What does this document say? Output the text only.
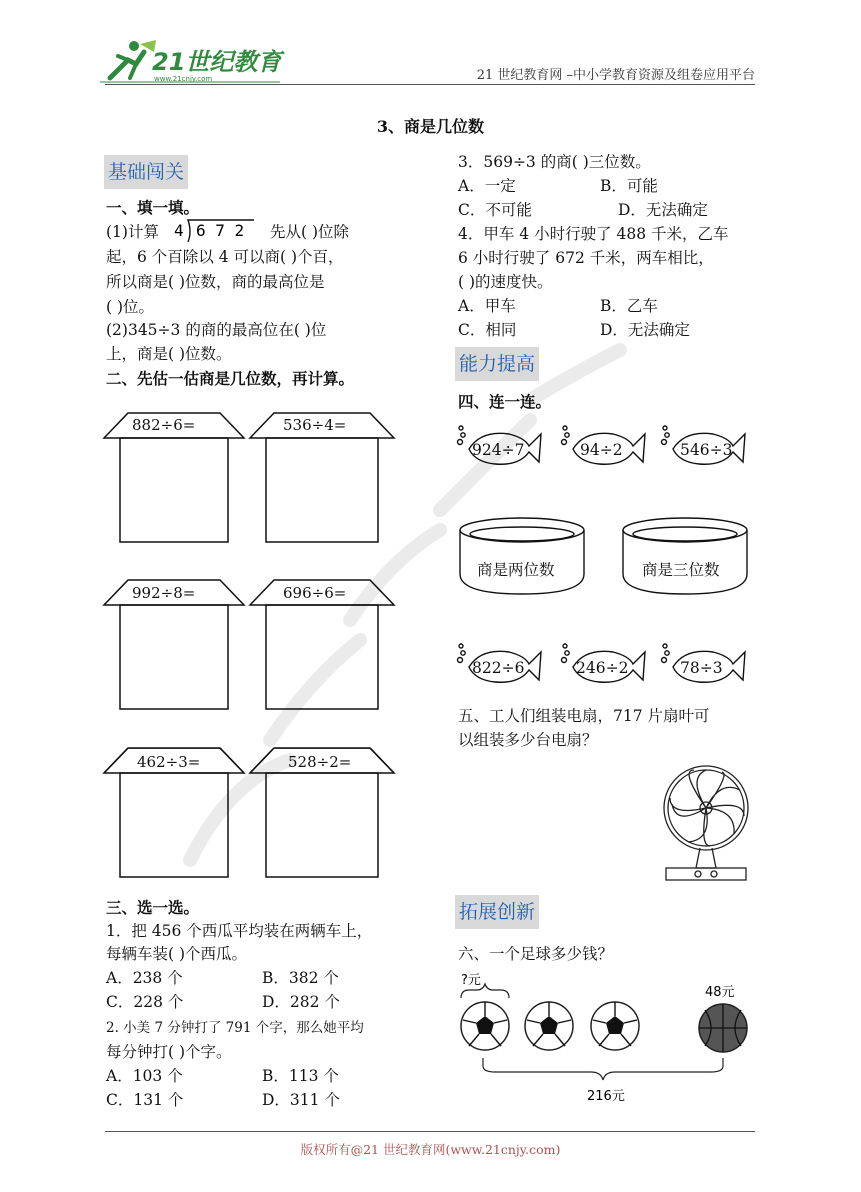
21世纪教育
www.21cnjy.com	21 世纪教育网 –中小学教育资源及组卷应用平台
3、商是几位数
基础闯关
一、填一填。
(1)计算 4 6 7 2 先从( )位除
起，6 个百除以 4 可以商( )个百，
所以商是( )位数，商的最高位是
( )位。
(2)345÷3 的商的最高位在( )位
上，商是( )位数。
二、先估一估商是几位数，再计算。
882÷6=	536÷4=
992÷8=	696÷6=
462÷3=	528÷2=
三、选一选。
1．把 456 个西瓜平均装在两辆车上，
每辆车装( )个西瓜。
A．238 个	B．382 个
C．228 个	D．282 个
2. 小美 7 分钟打了 791 个字，那么她平均
每分钟打( )个字。
A．103 个	B．113 个
C．131 个	D．311 个
3．569÷3 的商( )三位数。
A．一定	B．可能
C．不可能	D．无法确定
4．甲车 4 小时行驶了 488 千米，乙车
6 小时行驶了 672 千米，两车相比，
( )的速度快。
A．甲车	B．乙车
C．相同	D．无法确定
能力提高
四、连一连。
924÷7	94÷2	546÷3
商是两位数	商是三位数
822÷6	246÷2	78÷3
五、工人们组装电扇，717 片扇叶可
以组装多少台电扇？
拓展创新
六、一个足球多少钱？
?元
48元
216元
版权所有@21 世纪教育网(www.21cnjy.com)
